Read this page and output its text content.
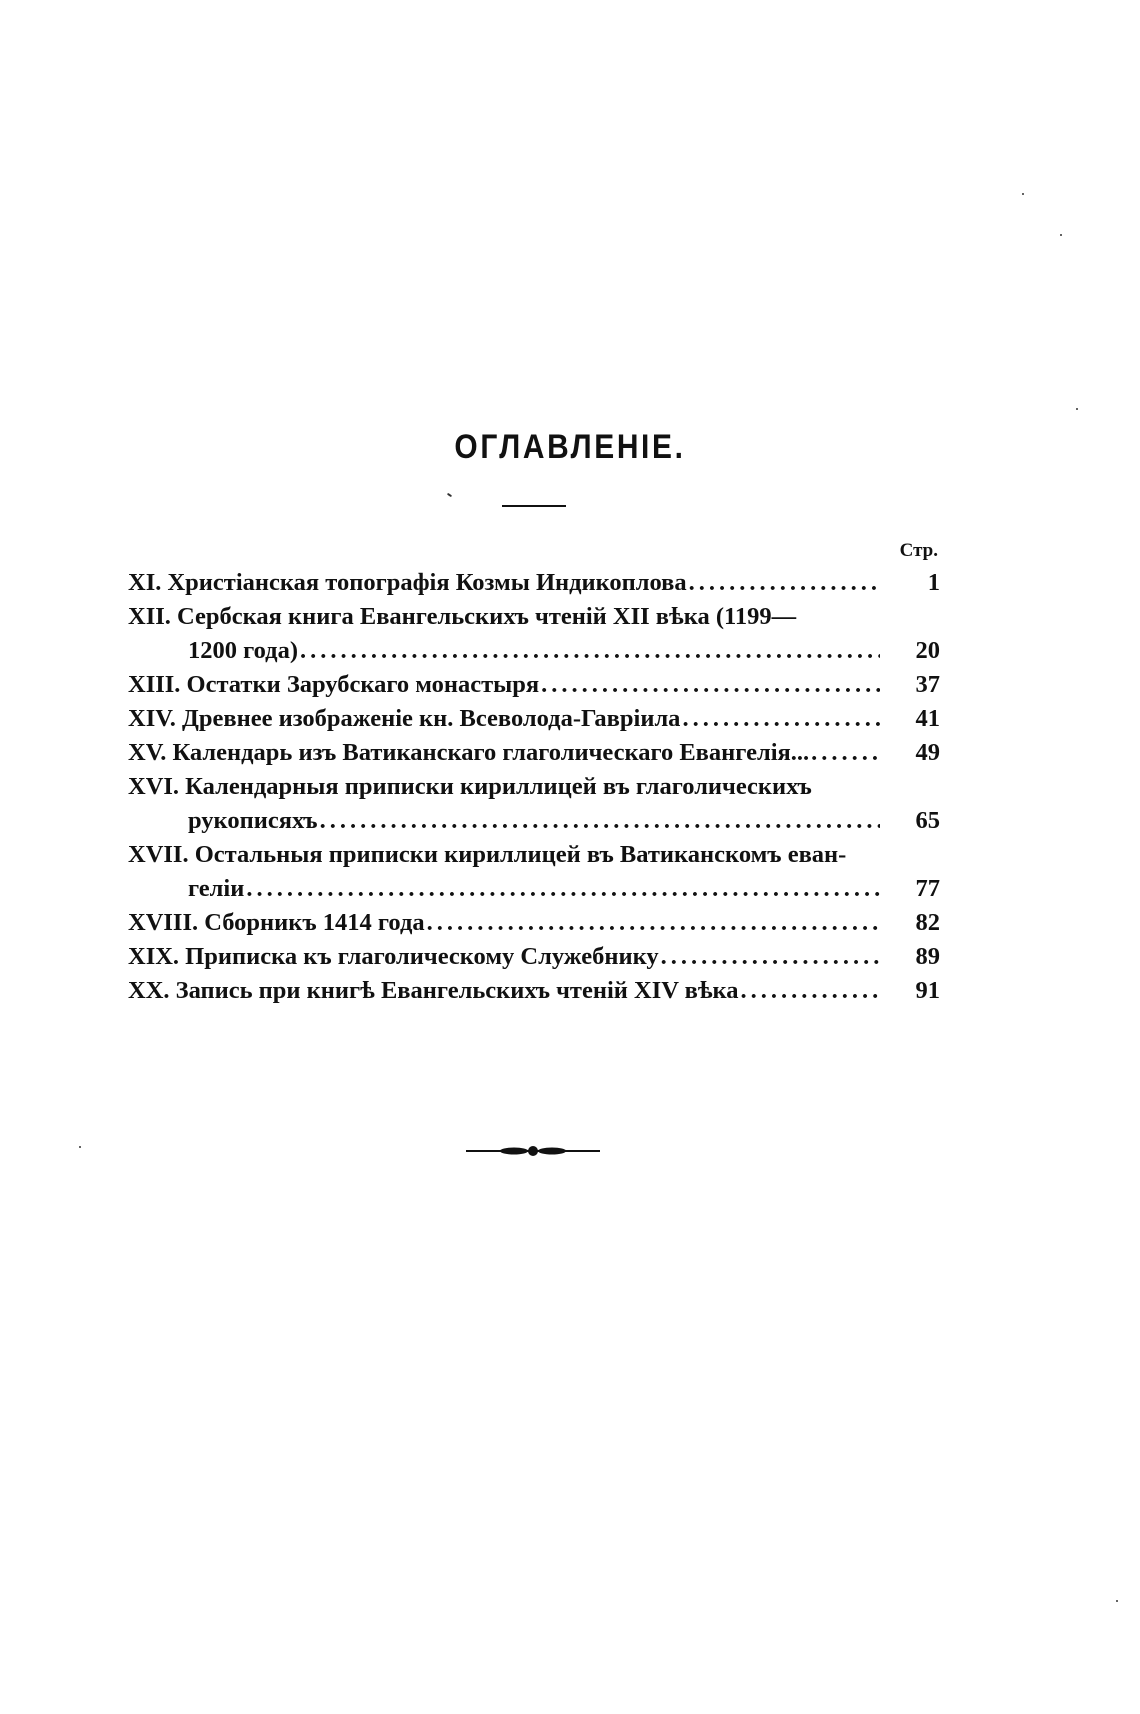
ОГЛАВЛЕНІЕ.
Стр.
XI. Христіанская топографія Козмы Индикоплова .....	1
XII. Сербская книга Евангельскихъ чтеній XII вѣка (1199—
1200 года) .....	20
XIII. Остатки Зарубскаго монастыря .....	37
XIV. Древнее изображеніе кн. Всеволода-Гавріила .....	41
XV. Календарь изъ Ватиканскаго глаголическаго Евангелія... .....	49
XVI. Календарныя приписки кириллицей въ глаголическихъ
рукописяхъ .....	65
XVII. Остальныя приписки кириллицей въ Ватиканскомъ еван-
геліи .....	77
XVIII. Сборникъ 1414 года .....	82
XIX. Приписка къ глаголическому Служебнику .....	89
XX. Запись при книгѣ Евангельскихъ чтеній XIV вѣка .....	91
